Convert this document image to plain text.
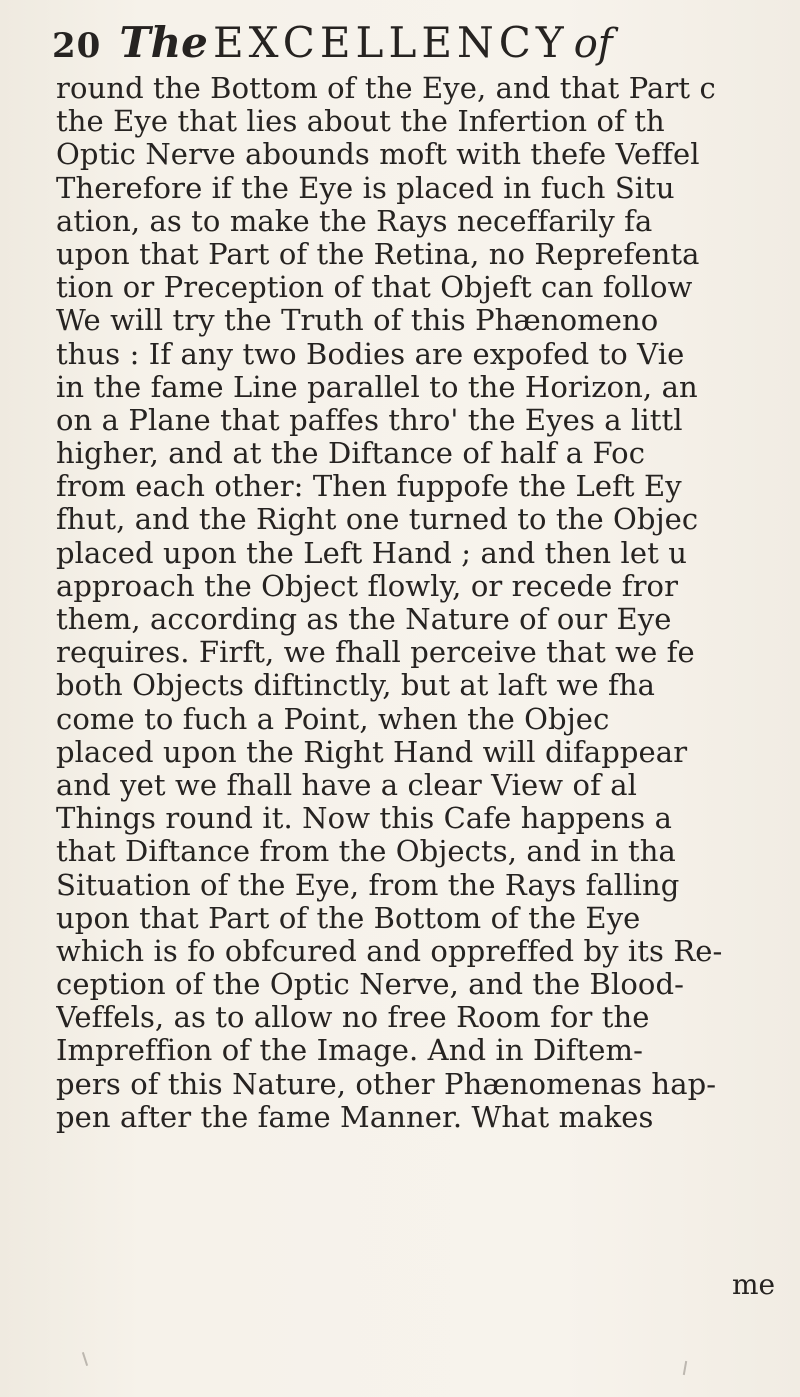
20 The EXCELLENCY of
round the Bottom of the Eye, and that Part c
the Eye that lies about the Infertion of th
Optic Nerve abounds moft with thefe Veffel
Therefore if the Eye is placed in fuch Situ
ation, as to make the Rays neceffarily fa
upon that Part of the Retina, no Reprefenta
tion or Preception of that Objeft can follow
We will try the Truth of this Phænomeno
thus : If any two Bodies are expofed to Vie
in the fame Line parallel to the Horizon, an
on a Plane that paffes thro' the Eyes a littl
higher, and at the Diftance of half a Foc
from each other: Then fuppofe the Left Ey
fhut, and the Right one turned to the Objec
placed upon the Left Hand ; and then let u
approach the Object flowly, or recede fror
them, according as the Nature of our Eye
requires. Firft, we fhall perceive that we fe
both Objects diftinctly, but at laft we fha
come to fuch a Point, when the Objec
placed upon the Right Hand will difappear
and yet we fhall have a clear View of al
Things round it. Now this Cafe happens a
that Diftance from the Objects, and in tha
Situation of the Eye, from the Rays falling
upon that Part of the Bottom of the Eye
which is fo obfcured and oppreffed by its Re-
ception of the Optic Nerve, and the Blood-
Veffels, as to allow no free Room for the
Impreffion of the Image. And in Diftem-
pers of this Nature, other Phænomenas hap-
pen after the fame Manner. What makes
me
